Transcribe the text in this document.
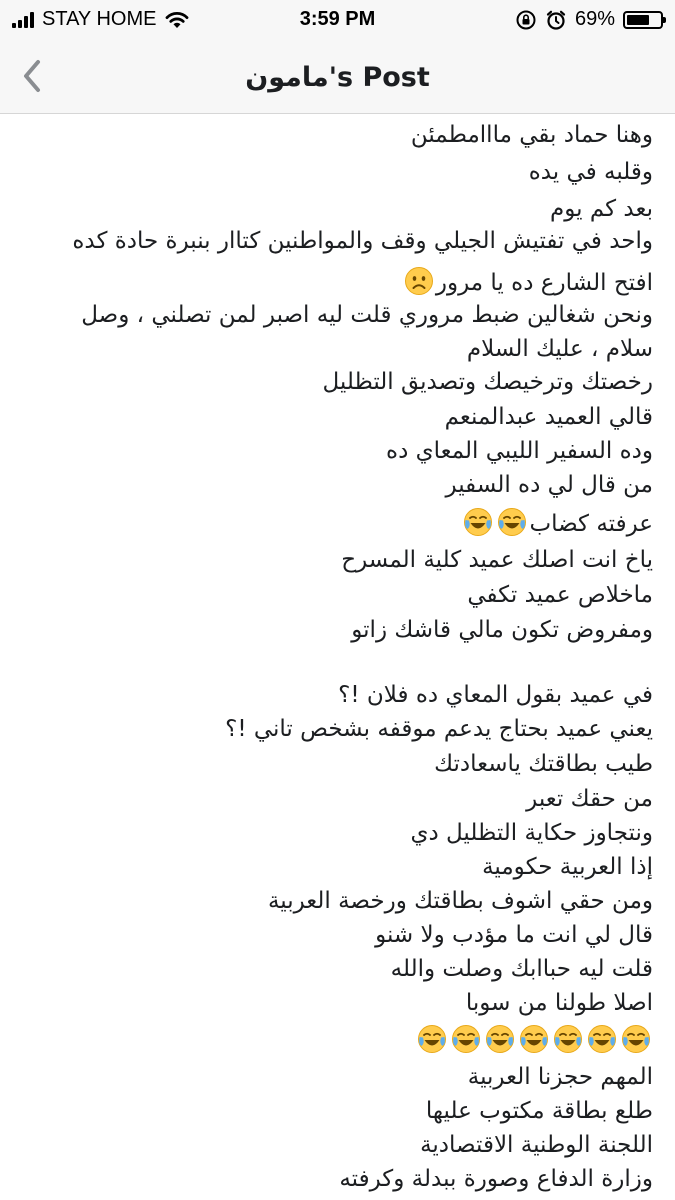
STAY HOME	3:59 PM	69%
مامون's Post
وهنا حماد بقي مااامطمئن
وقلبه في يده
بعد كم يوم
واحد في تفتيش الجيلي وقف والمواطنين كتاار بنبرة حادة كده
افتح الشارع ده يا مرور
ونحن شغالين ضبط مروري قلت ليه اصبر لمن تصلني ، وصل
سلام ، عليك السلام
رخصتك وترخيصك وتصديق التظليل
قالي العميد عبدالمنعم
وده السفير الليبي المعاي ده
من قال لي ده السفير
عرفته كضاب
ياخ انت اصلك عميد كلية المسرح
ماخلاص عميد تكفي
ومفروض تكون مالي قاشك زاتو
في عميد بقول المعاي ده فلان !؟
يعني عميد بحتاج يدعم موقفه بشخص تاني !؟
طيب بطاقتك ياسعادتك
من حقك تعبر
ونتجاوز حكاية التظليل دي
إذا العربية حكومية
ومن حقي اشوف بطاقتك ورخصة العربية
قال لي انت ما مؤدب ولا شنو
قلت ليه حباابك وصلت والله
اصلا طولنا من سوبا
المهم حجزنا العربية
طلع بطاقة مكتوب عليها
اللجنة الوطنية الاقتصادية
وزارة الدفاع وصورة ببدلة وكرفته
